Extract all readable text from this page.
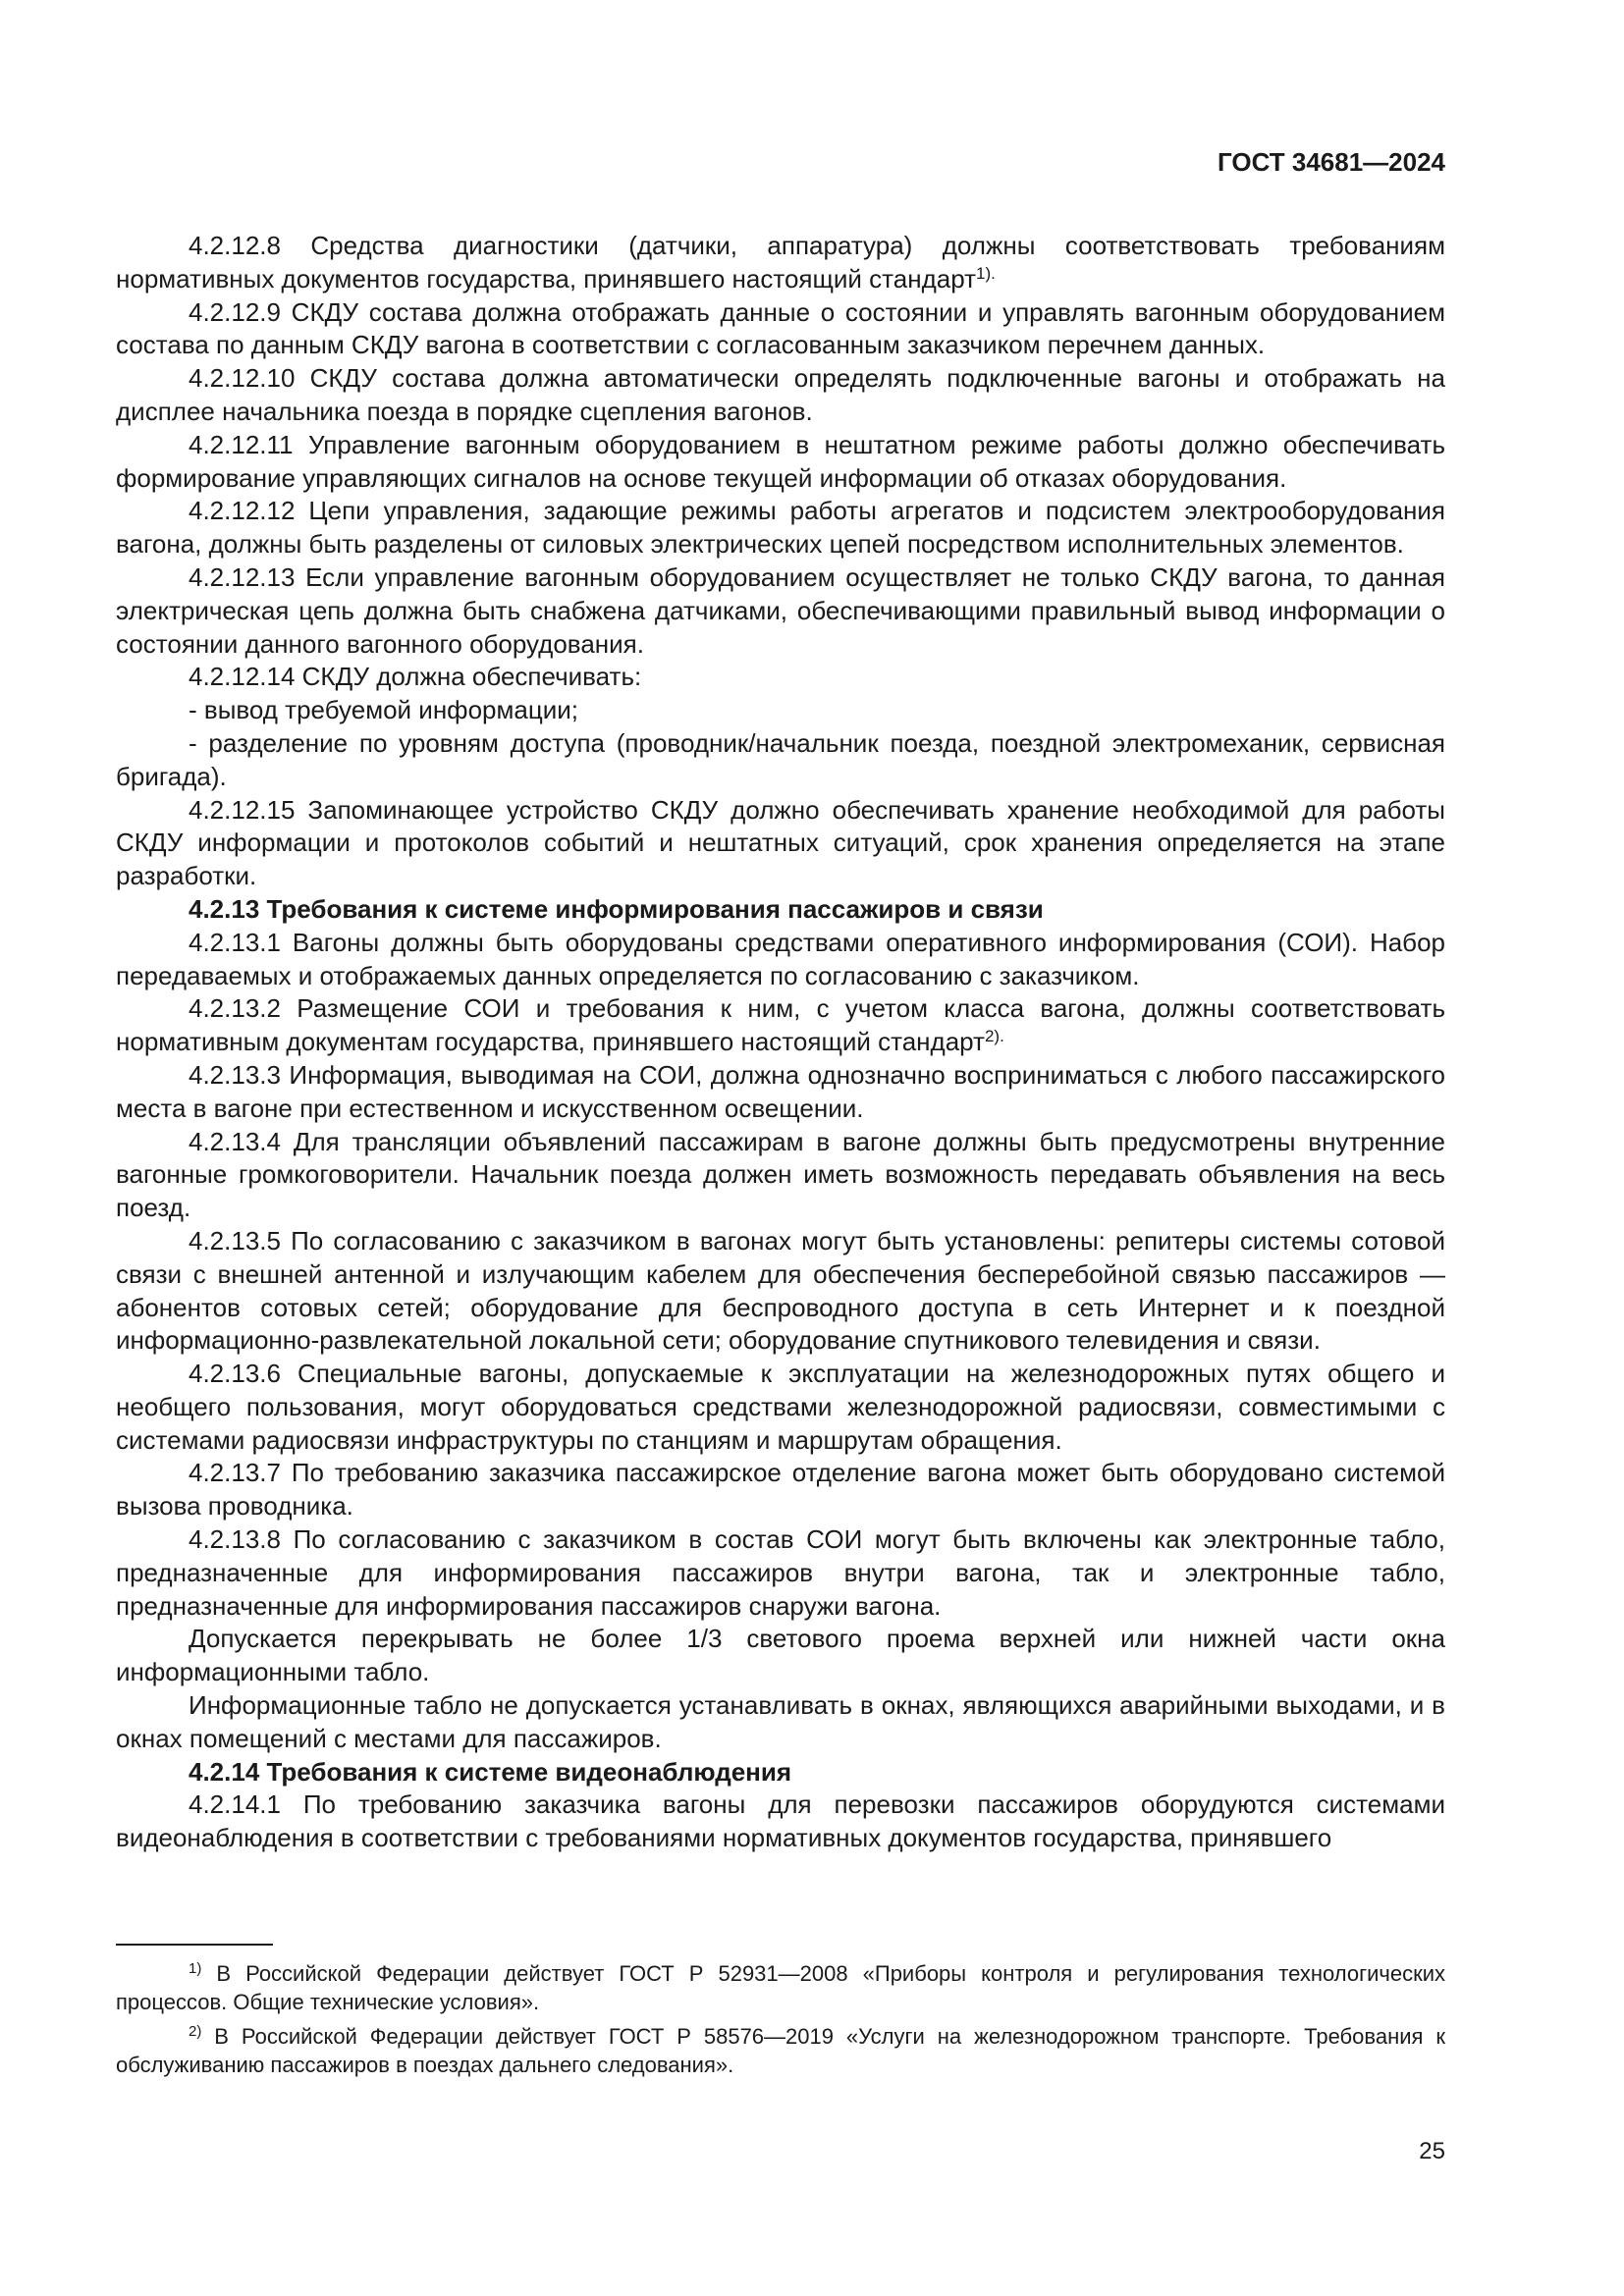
ГОСТ 34681—2024

4.2.12.8 Средства диагностики (датчики, аппаратура) должны соответствовать требованиям нормативных документов государства, принявшего настоящий стандарт$^{1).}$

4.2.12.9 СКДУ состава должна отображать данные о состоянии и управлять вагонным оборудованием состава по данным СКДУ вагона в соответствии с согласованным заказчиком перечнем данных.

4.2.12.10 СКДУ состава должна автоматически определять подключенные вагоны и отображать на дисплее начальника поезда в порядке сцепления вагонов.

4.2.12.11 Управление вагонным оборудованием в нештатном режиме работы должно обеспечивать формирование управляющих сигналов на основе текущей информации об отказах оборудования.

4.2.12.12 Цепи управления, задающие режимы работы агрегатов и подсистем электрооборудования вагона, должны быть разделены от силовых электрических цепей посредством исполнительных элементов.

4.2.12.13 Если управление вагонным оборудованием осуществляет не только СКДУ вагона, то данная электрическая цепь должна быть снабжена датчиками, обеспечивающими правильный вывод информации о состоянии данного вагонного оборудования.

4.2.12.14 СКДУ должна обеспечивать:

- вывод требуемой информации;

- разделение по уровням доступа (проводник/начальник поезда, поездной электромеханик, сервисная бригада).

4.2.12.15 Запоминающее устройство СКДУ должно обеспечивать хранение необходимой для работы СКДУ информации и протоколов событий и нештатных ситуаций, срок хранения определяется на этапе разработки.

4.2.13 Требования к системе информирования пассажиров и связи

4.2.13.1 Вагоны должны быть оборудованы средствами оперативного информирования (СОИ). Набор передаваемых и отображаемых данных определяется по согласованию с заказчиком.

4.2.13.2 Размещение СОИ и требования к ним, с учетом класса вагона, должны соответствовать нормативным документам государства, принявшего настоящий стандарт$^{2).}$

4.2.13.3 Информация, выводимая на СОИ, должна однозначно восприниматься с любого пассажирского места в вагоне при естественном и искусственном освещении.

4.2.13.4 Для трансляции объявлений пассажирам в вагоне должны быть предусмотрены внутренние вагонные громкоговорители. Начальник поезда должен иметь возможность передавать объявления на весь поезд.

4.2.13.5 По согласованию с заказчиком в вагонах могут быть установлены: репитеры системы сотовой связи с внешней антенной и излучающим кабелем для обеспечения бесперебойной связью пассажиров — абонентов сотовых сетей; оборудование для беспроводного доступа в сеть Интернет и к поездной информационно-развлекательной локальной сети; оборудование спутникового телевидения и связи.

4.2.13.6 Специальные вагоны, допускаемые к эксплуатации на железнодорожных путях общего и необщего пользования, могут оборудоваться средствами железнодорожной радиосвязи, совместимыми с системами радиосвязи инфраструктуры по станциям и маршрутам обращения.

4.2.13.7 По требованию заказчика пассажирское отделение вагона может быть оборудовано системой вызова проводника.

4.2.13.8 По согласованию с заказчиком в состав СОИ могут быть включены как электронные табло, предназначенные для информирования пассажиров внутри вагона, так и электронные табло, предназначенные для информирования пассажиров снаружи вагона.

Допускается перекрывать не более 1/3 светового проема верхней или нижней части окна информационными табло.

Информационные табло не допускается устанавливать в окнах, являющихся аварийными выходами, и в окнах помещений с местами для пассажиров.

4.2.14 Требования к системе видеонаблюдения

4.2.14.1 По требованию заказчика вагоны для перевозки пассажиров оборудуются системами видеонаблюдения в соответствии с требованиями нормативных документов государства, принявшего

$^{1)}$ В Российской Федерации действует ГОСТ Р 52931—2008 «Приборы контроля и регулирования технологических процессов. Общие технические условия».

$^{2)}$ В Российской Федерации действует ГОСТ Р 58576—2019 «Услуги на железнодорожном транспорте. Требования к обслуживанию пассажиров в поездах дальнего следования».

25
